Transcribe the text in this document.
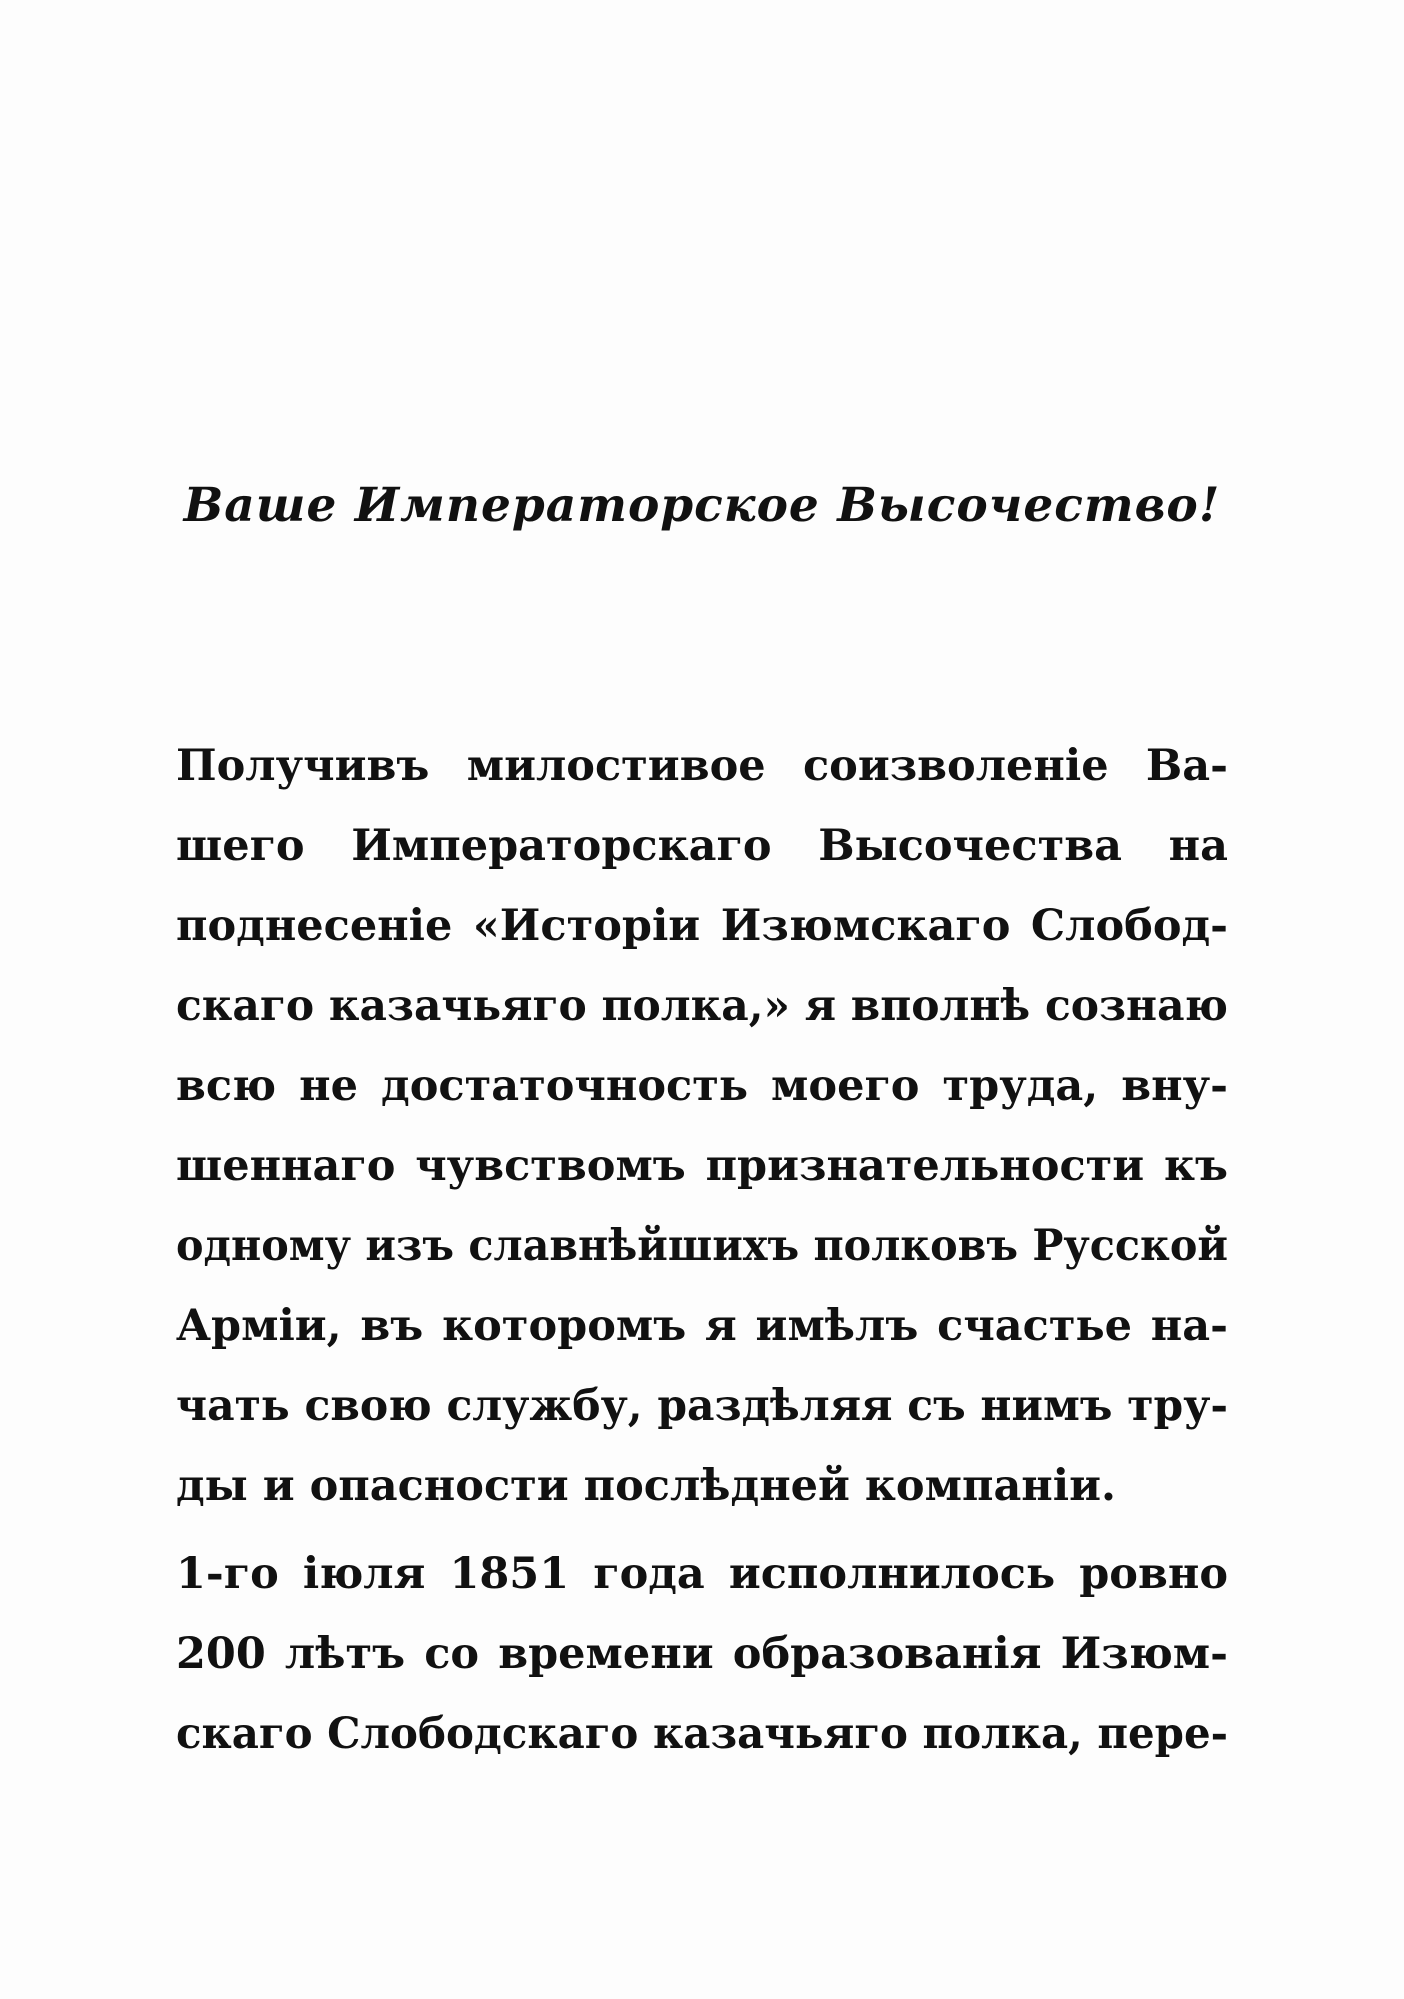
Ваше Императорское Высочество!
Получивъ милостивое соизволеніе Ва-
шего Императорскаго Высочества на
поднесеніе «Исторіи Изюмскаго Слобод-
скаго казачьяго полка,» я вполнѣ сознаю
всю не достаточность моего труда, вну-
шеннаго чувствомъ признательности къ
одному изъ славнѣйшихъ полковъ Русской
Арміи, въ которомъ я имѣлъ счастье на-
чать свою службу, раздѣляя съ нимъ тру-
ды и опасности послѣдней компаніи.
1-го іюля 1851 года исполнилось ровно
200 лѣтъ со времени образованія Изюм-
скаго Слободскаго казачьяго полка, пере-
